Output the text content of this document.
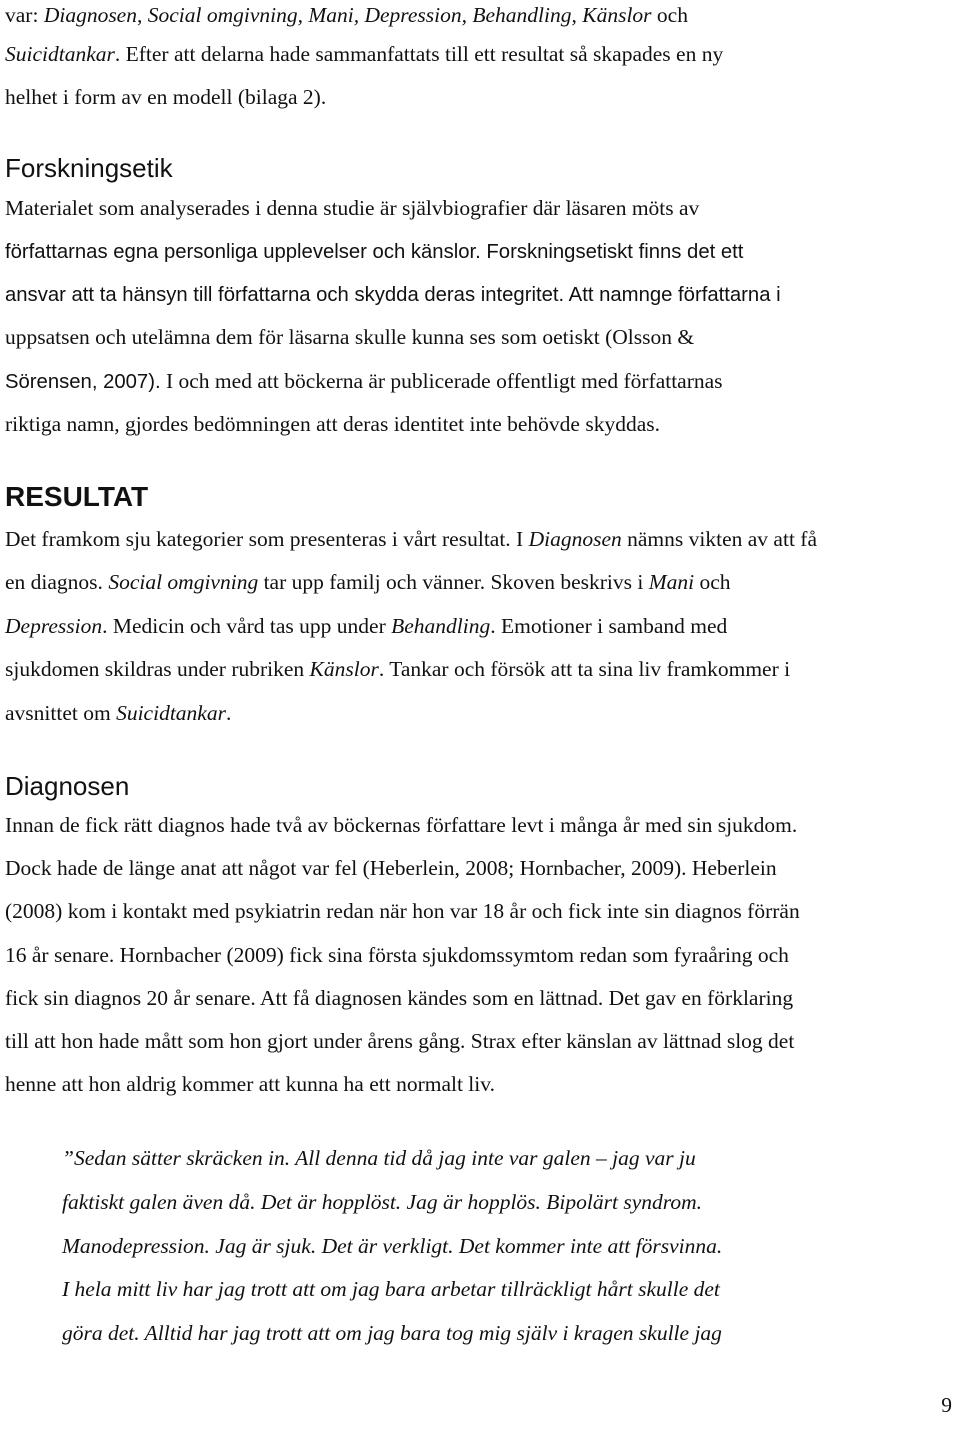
var: Diagnosen, Social omgivning, Mani, Depression, Behandling, Känslor och
Suicidtankar. Efter att delarna hade sammanfattats till ett resultat så skapades en ny
helhet i form av en modell (bilaga 2).
Forskningsetik
Materialet som analyserades i denna studie är självbiografier där läsaren möts av
författarnas egna personliga upplevelser och känslor. Forskningsetiskt finns det ett
ansvar att ta hänsyn till författarna och skydda deras integritet. Att namnge författarna i
uppsatsen och utelämna dem för läsarna skulle kunna ses som oetiskt (Olsson &
Sörensen, 2007). I och med att böckerna är publicerade offentligt med författarnas
riktiga namn, gjordes bedömningen att deras identitet inte behövde skyddas.
RESULTAT
Det framkom sju kategorier som presenteras i vårt resultat. I Diagnosen nämns vikten av att få
en diagnos. Social omgivning tar upp familj och vänner. Skoven beskrivs i Mani och
Depression. Medicin och vård tas upp under Behandling. Emotioner i samband med
sjukdomen skildras under rubriken Känslor. Tankar och försök att ta sina liv framkommer i
avsnittet om Suicidtankar.
Diagnosen
Innan de fick rätt diagnos hade två av böckernas författare levt i många år med sin sjukdom.
Dock hade de länge anat att något var fel (Heberlein, 2008; Hornbacher, 2009). Heberlein
(2008) kom i kontakt med psykiatrin redan när hon var 18 år och fick inte sin diagnos förrän
16 år senare. Hornbacher (2009) fick sina första sjukdomssymtom redan som fyraåring och
fick sin diagnos 20 år senare. Att få diagnosen kändes som en lättnad. Det gav en förklaring
till att hon hade mått som hon gjort under årens gång. Strax efter känslan av lättnad slog det
henne att hon aldrig kommer att kunna ha ett normalt liv.
”Sedan sätter skräcken in. All denna tid då jag inte var galen – jag var ju
faktiskt galen även då. Det är hopplöst. Jag är hopplös. Bipolärt syndrom.
Manodepression. Jag är sjuk. Det är verkligt. Det kommer inte att försvinna.
I hela mitt liv har jag trott att om jag bara arbetar tillräckligt hårt skulle det
göra det. Alltid har jag trott att om jag bara tog mig själv i kragen skulle jag
9
